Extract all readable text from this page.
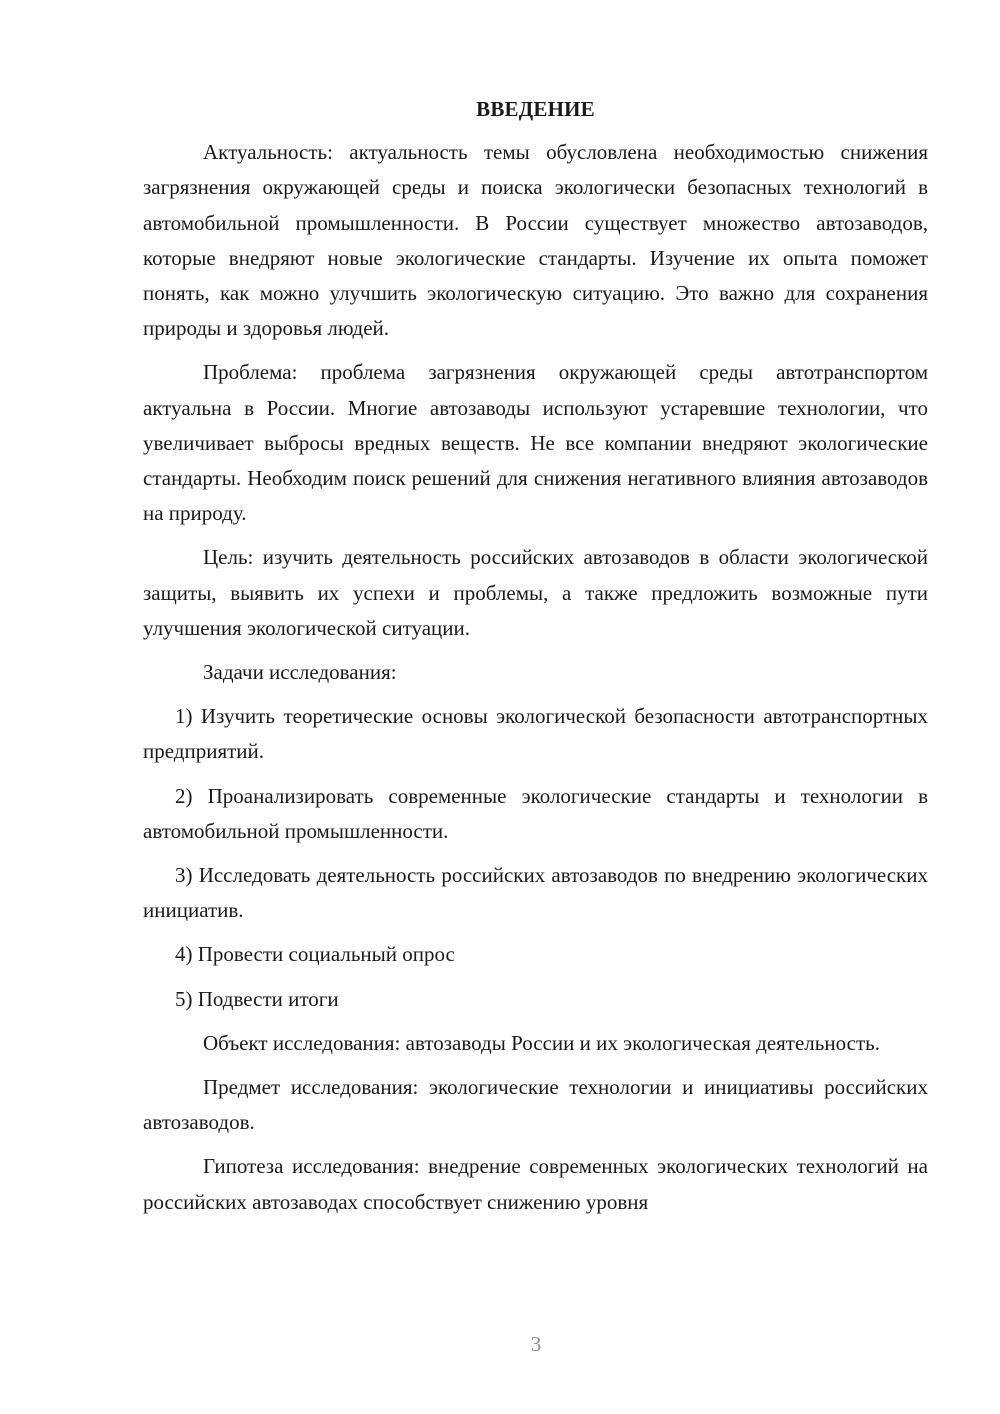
ВВЕДЕНИЕ

Актуальность: актуальность темы обусловлена необходимостью снижения загрязнения окружающей среды и поиска экологически безопасных технологий в автомобильной промышленности. В России существует множество автозаводов, которые внедряют новые экологические стандарты. Изучение их опыта поможет понять, как можно улучшить экологическую ситуацию. Это важно для сохранения природы и здоровья людей.

Проблема: проблема загрязнения окружающей среды автотранспортом актуальна в России. Многие автозаводы используют устаревшие технологии, что увеличивает выбросы вредных веществ. Не все компании внедряют экологические стандарты. Необходим поиск решений для снижения негативного влияния автозаводов на природу.

Цель: изучить деятельность российских автозаводов в области экологической защиты, выявить их успехи и проблемы, а также предложить возможные пути улучшения экологической ситуации.

Задачи исследования:

1) Изучить теоретические основы экологической безопасности автотранспортных предприятий.

2) Проанализировать современные экологические стандарты и технологии в автомобильной промышленности.

3) Исследовать деятельность российских автозаводов по внедрению экологических инициатив.

4) Провести социальный опрос

5) Подвести итоги

Объект исследования: автозаводы России и их экологическая деятельность.

Предмет исследования: экологические технологии и инициативы российских автозаводов.

Гипотеза исследования: внедрение современных экологических технологий на российских автозаводах способствует снижению уровня

3
